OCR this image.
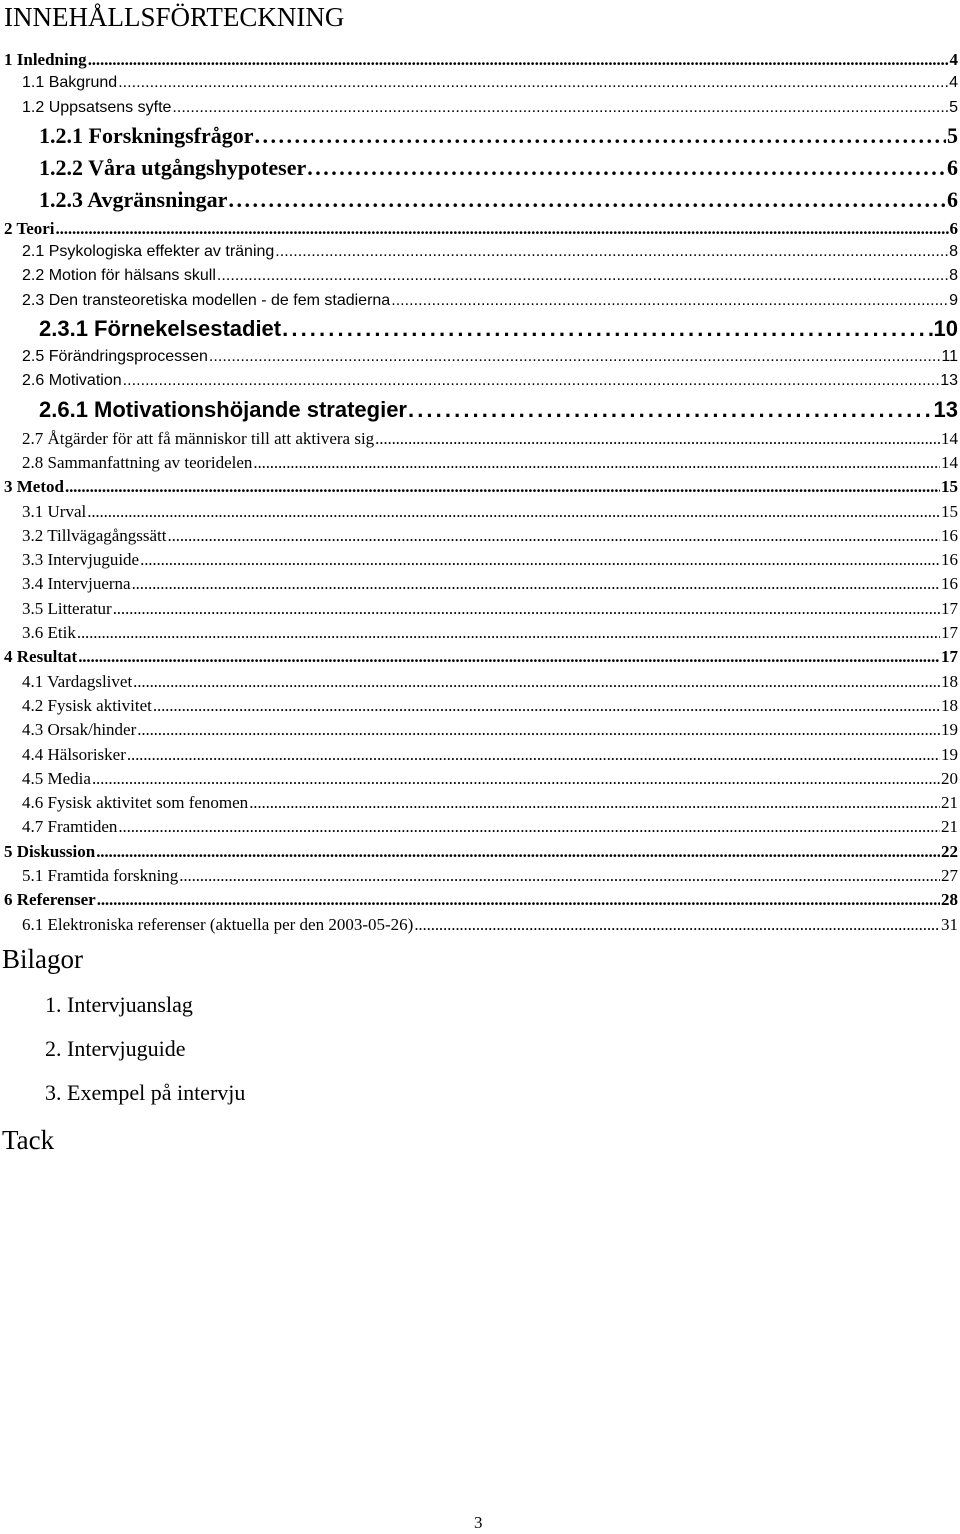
INNEHÅLLSFÖRTECKNING
1 Inledning . . .	4
1.1 Bakgrund . . .	4
1.2 Uppsatsens syfte . . .	5
1.2.1 Forskningsfrågor . . .	5
1.2.2 Våra utgångshypoteser . . .	6
1.2.3 Avgränsningar . . .	6
2 Teori . . .	6
2.1 Psykologiska effekter av träning . . .	8
2.2 Motion för hälsans skull . . .	8
2.3 Den transteoretiska modellen - de fem stadierna . . .	9
2.3.1 Förnekelsestadiet . . .	10
2.5 Förändringsprocessen . . .	11
2.6 Motivation . . .	13
2.6.1 Motivationshöjande strategier . . .	13
2.7 Åtgärder för att få människor till att aktivera sig . . .	14
2.8 Sammanfattning av teoridelen . . .	14
3 Metod . . .	15
3.1 Urval . . .	15
3.2 Tillvägagångssätt . . .	16
3.3 Intervjuguide . . .	16
3.4 Intervjuerna . . .	16
3.5 Litteratur . . .	17
3.6 Etik . . .	17
4 Resultat . . .	17
4.1 Vardagslivet . . .	18
4.2 Fysisk aktivitet . . .	18
4.3 Orsak/hinder . . .	19
4.4 Hälsorisker . . .	19
4.5 Media . . .	20
4.6 Fysisk aktivitet som fenomen . . .	21
4.7 Framtiden . . .	21
5 Diskussion . . .	22
5.1 Framtida forskning . . .	27
6 Referenser . . .	28
6.1 Elektroniska referenser (aktuella per den 2003-05-26) . . .	31
Bilagor
1. Intervjuanslag
2. Intervjuguide
3. Exempel på intervju
Tack
3
